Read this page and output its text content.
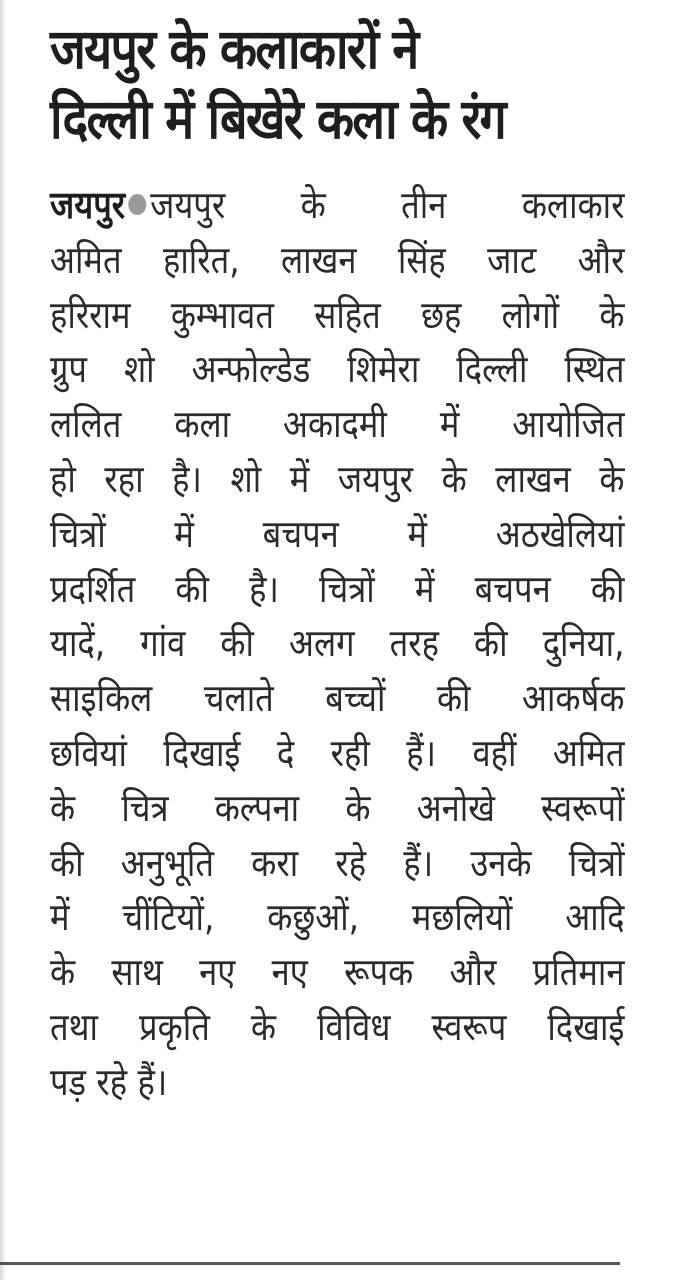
जयपुर के कलाकारों ने
दिल्ली में बिखेरे कला के रंग
जयपुर जयपुर के तीन कलाकार
अमित हारित, लाखन सिंह जाट और
हरिराम कुम्भावत सहित छह लोगों के
ग्रुप शो अन्फोल्डेड शिमेरा दिल्ली स्थित
ललित कला अकादमी में आयोजित
हो रहा है। शो में जयपुर के लाखन के
चित्रों में बचपन में अठखेलियां
प्रदर्शित की है। चित्रों में बचपन की
यादें, गांव की अलग तरह की दुनिया,
साइकिल चलाते बच्चों की आकर्षक
छवियां दिखाई दे रही हैं। वहीं अमित
के चित्र कल्पना के अनोखे स्वरूपों
की अनुभूति करा रहे हैं। उनके चित्रों
में चींटियों, कछुओं, मछलियों आदि
के साथ नए नए रूपक और प्रतिमान
तथा प्रकृति के विविध स्वरूप दिखाई
पड़ रहे हैं।
